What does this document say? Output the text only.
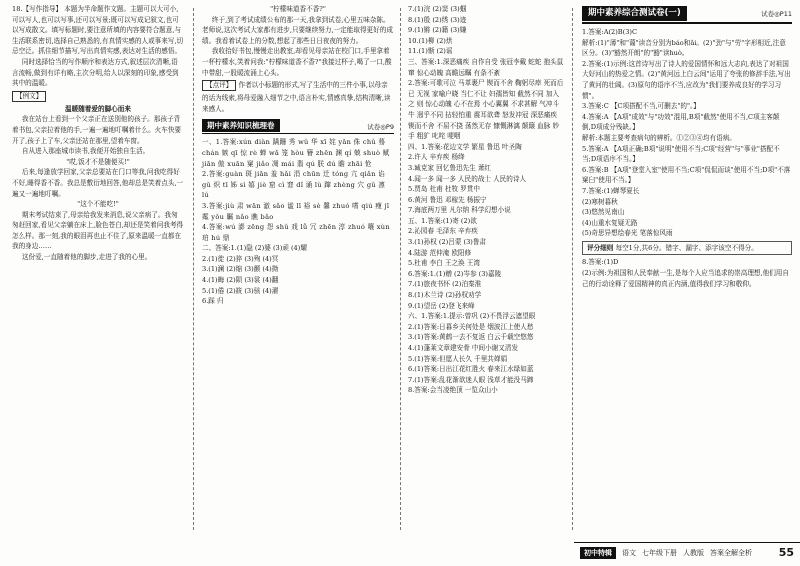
18.【写作指导】 本题为半命题作文题。主题可以大可小,可以写人,也可以写事,还可以写景;既可以写成记叙文,也可以写成散文。填写标题时,要注意所填的内容要符合题意,与生活联系密切,选择自己熟悉的,有真情实感的人或事来写,切忌空泛。抓住细节描写,写出真情实感,表达对生活的感悟。

同时选择恰当的写作顺序和表达方式,叙述层次清晰,语言流畅,做到有详有略,主次分明,给人以深刻的印象,感受到其中的温暖。

【例文】

温暖随着爱的脚心而来

我在站台上看到一个父亲正在送别他的孩子。那孩子背着书包,父亲拉着他的手,一遍一遍地叮嘱着什么。火车快要开了,孩子上了车,父亲还站在那里,望着车窗。

自从进入那座城市读书,我便开始独自生活。

"哎,饭才不是随便买!"

后来,每逢放学回家,父亲总要站在门口等我,问我吃得好不好,睡得香不香。我总是敷衍地回答,他却总是笑着点头,一遍又一遍地叮嘱。

"这个不能吃!"

期末考试结束了,母亲给我发来消息,说父亲病了。我匆匆赶回家,看见父亲躺在床上,脸色苍白,却还是笑着问我考得怎么样。那一刻,我的眼泪再也止不住了,原来温暖一直都在我的身边……

这份爱,一直随着他的脚步,走进了我的心里。

"柠檬味道香不香?"

终于,到了考试成绩公布的那一天,我拿到试卷,心里五味杂陈。老师说,这次考试大家都有进步,只要继续努力,一定能取得更好的成绩。我看着试卷上的分数,想起了那些日日夜夜的努力。

我收拾好书包,慢慢走出教室,却看见母亲站在校门口,手里拿着一杯柠檬水,笑着问我:"柠檬味道香不香?"我接过杯子,喝了一口,酸中带甜,一股暖流涌上心头。

【点评】 作者以小标题的形式,写了生活中的三件小事,以母亲的话为线索,将母爱融入细节之中,语言朴实,情感真挚,结构清晰,读来感人。

期中素养知识梳理卷	试卷◎P9

一、1.答案:xún diàn 蹒跚 秀 wǔ 华 xī 姹 yǎn 侏 chǔ 蓦 chán 嫉 qī 惊 rè 蝉 wǎ 笼 hòu 簪 zhēn 渊 qí 兢 shuò 赋 jiān 傲 xuān 窠 jiǎo 凋 mái 翡 qú 朕 dú 瞻 zhāi 怆

2.答案:guàn 斑 jiān 羞 hǎi 涓 chūn 迁 tóng 亢 qiǎn 谄 gǔ 炽 tī 姊 sì 嬉 jiè 窟 cì 窘 dǐ 诵 lù 蹿 zhèng 穴 gǔ 凛 lú

3.答案:jiù 肃 wān 澈 sǎo 谧 lī 裕 sè 馨 zhuó 嗜 qiú 瘦 jī 粼 yǒu 瞩 nǎo 瞧 bǎo

4.答案:wú 澎 zēng 怨 shǔ 戏 lǚ 冗 zhēn 淳 zhuó 嚷 xùn 珀 hú 鼎

二、答案:1.(1)隐 (2)婆 (3)顽 (4)耀

2.(1)徙 (2)猝 (3)殉 (4)冥

3.(1)澜 (2)缩 (3)颤 (4)拗

4.(1)晦 (2)陨 (3)裳 (4)翻

5.(1)倦 (2)筱 (3)骇 (4)濯

6.踩 归

7.(1)浣 (2)窦 (3)蝈

8.(1)殷 (2)绣 (3)迹

9.(1)锵 (2)籍 (3)嫌

10.(1)柳 (2)烘

11.(1)惭 (2)谣

三、答案:1.深恶痛疾 自作自受 张冠李戴 蛇蛇 抱头鼠窜 惊心动魄 高瞻远瞩 有条不紊

2.答案:可歌可泣 马革裹尸 锲而不舍 鞠躬尽瘁 死而后已 无视 家喻户晓 当仁不让 妇孺皆知 截然不同 加入之 则 惊心动魄 心不在焉 小心翼翼 不求甚解 气冲斗牛 迥乎不同 拈轻怕重 震耳欲聋 怒发冲冠 深恶痛疾 锲而不舍 不屈不挠 荡然无存 慷慨淋漓 颠簸 血脉 妙手 粗犷 叱咤 哽咽

四、1.答案:花边文学 繁星 鲁迅 叶圣陶

2.许人 辛弃疾 杨绛

3.臧克家 回忆鲁迅先生 萧红

4.闻一多 闻一多 人民的战士 人民的诗人

5.贾岛 杜甫 杜牧 罗贯中

6.黄河 鲁迅 邓稼先 杨振宁

7.海底两万里 凡尔纳 科学幻想小说

五、1.答案:(1)寄 (2)欲

2.沁园春 毛泽东 辛弃疾

3.(1)孙权 (2)吕蒙 (3)鲁肃

4.陆游 范仲淹 欧阳修

5.杜甫 李白 王之涣 王湾

6.答案:1.(1)赠 (2)岑参 (3)嘉陵

7.(1)旅夜书怀 (2)泊秦淮

8.(1)木兰诗 (2)孙权劝学

9.(1)望岳 (2)登飞来峰

六、1.答案:1.提示:曾巩 (2)不畏浮云遮望眼

2.(1)答案:日暮乡关何处是 烟波江上使人愁

3.(1)答案:黄鹤一去不复返 白云千载空悠悠

4.(1)蓬莱文章建安骨 中间小谢又清发

5.(1)答案:但愿人长久 千里共婵娟

6.(1)答案:日出江花红胜火 春来江水绿如蓝

7.(1)答案:乱花渐欲迷人眼 浅草才能没马蹄

8.答案:会当凌绝顶 一览众山小

期中素养综合测试卷(一)	试卷◎P11

1.答案:A(2)B(3)C

解析:(1)"薄"和"蔼"读音分别为báo和ǎi。(2)"劲"与"劳"字形相近,注意区分。(3)"豁然开朗"的"豁"读huò。

2.答案:(1)示例:这首诗写出了诗人的爱国情怀和远大志向,表达了对祖国大好河山的热爱之情。(2)"黄河远上白云间"运用了夸张的修辞手法,写出了黄河的壮阔。(3)原句的语序不当,应改为"我们要养成良好的学习习惯"。

3.答案:C 【C项搭配不当,可删去"的"。】

4.答案:A 【A项"成效"与"功效"混用,B项"截然"使用不当,C项主客颠倒,D项成分残缺。】

解析:本题主要考查病句的辨析。①②③④均有语病。

5.答案:A 【A项正确;B项"说明"使用不当;C项"经营"与"事业"搭配不当;D项语序不当。】

6.答案:B 【A项"登堂入室"使用不当;C项"侃侃而谈"使用不当;D项"不落窠臼"使用不当。】

7.答案:(1)蝉琴夏长

(2)寒树暮秋

(3)悠然见南山

(4)山重水复疑无路

(5)奇思异想绘春光 笔落惊风雨

评分细则 每空1分,共6分。错字、漏字、添字该空不得分。

8.答案:(1)D

(2)示例:为祖国和人民奉献一生,是每个人应当追求的崇高理想,他们用自己的行动诠释了爱国精神的真正内涵,值得我们学习和敬仰。

初中特辑	语文 七年级下册 人教版 答案全解全析 55
